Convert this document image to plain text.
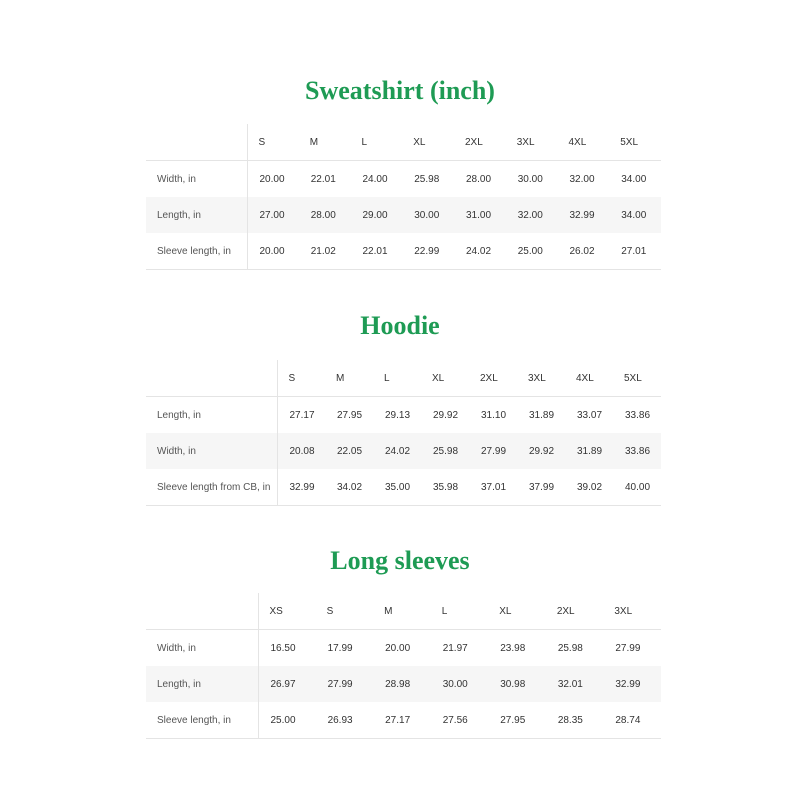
Sweatshirt (inch)
	S	M	L	XL	2XL	3XL	4XL	5XL
Width, in	20.00	22.01	24.00	25.98	28.00	30.00	32.00	34.00
Length, in	27.00	28.00	29.00	30.00	31.00	32.00	32.99	34.00
Sleeve length, in	20.00	21.02	22.01	22.99	24.02	25.00	26.02	27.01
Hoodie
	S	M	L	XL	2XL	3XL	4XL	5XL
Length, in	27.17	27.95	29.13	29.92	31.10	31.89	33.07	33.86
Width, in	20.08	22.05	24.02	25.98	27.99	29.92	31.89	33.86
Sleeve length from CB, in	32.99	34.02	35.00	35.98	37.01	37.99	39.02	40.00
Long sleeves
	XS	S	M	L	XL	2XL	3XL
Width, in	16.50	17.99	20.00	21.97	23.98	25.98	27.99
Length, in	26.97	27.99	28.98	30.00	30.98	32.01	32.99
Sleeve length, in	25.00	26.93	27.17	27.56	27.95	28.35	28.74
